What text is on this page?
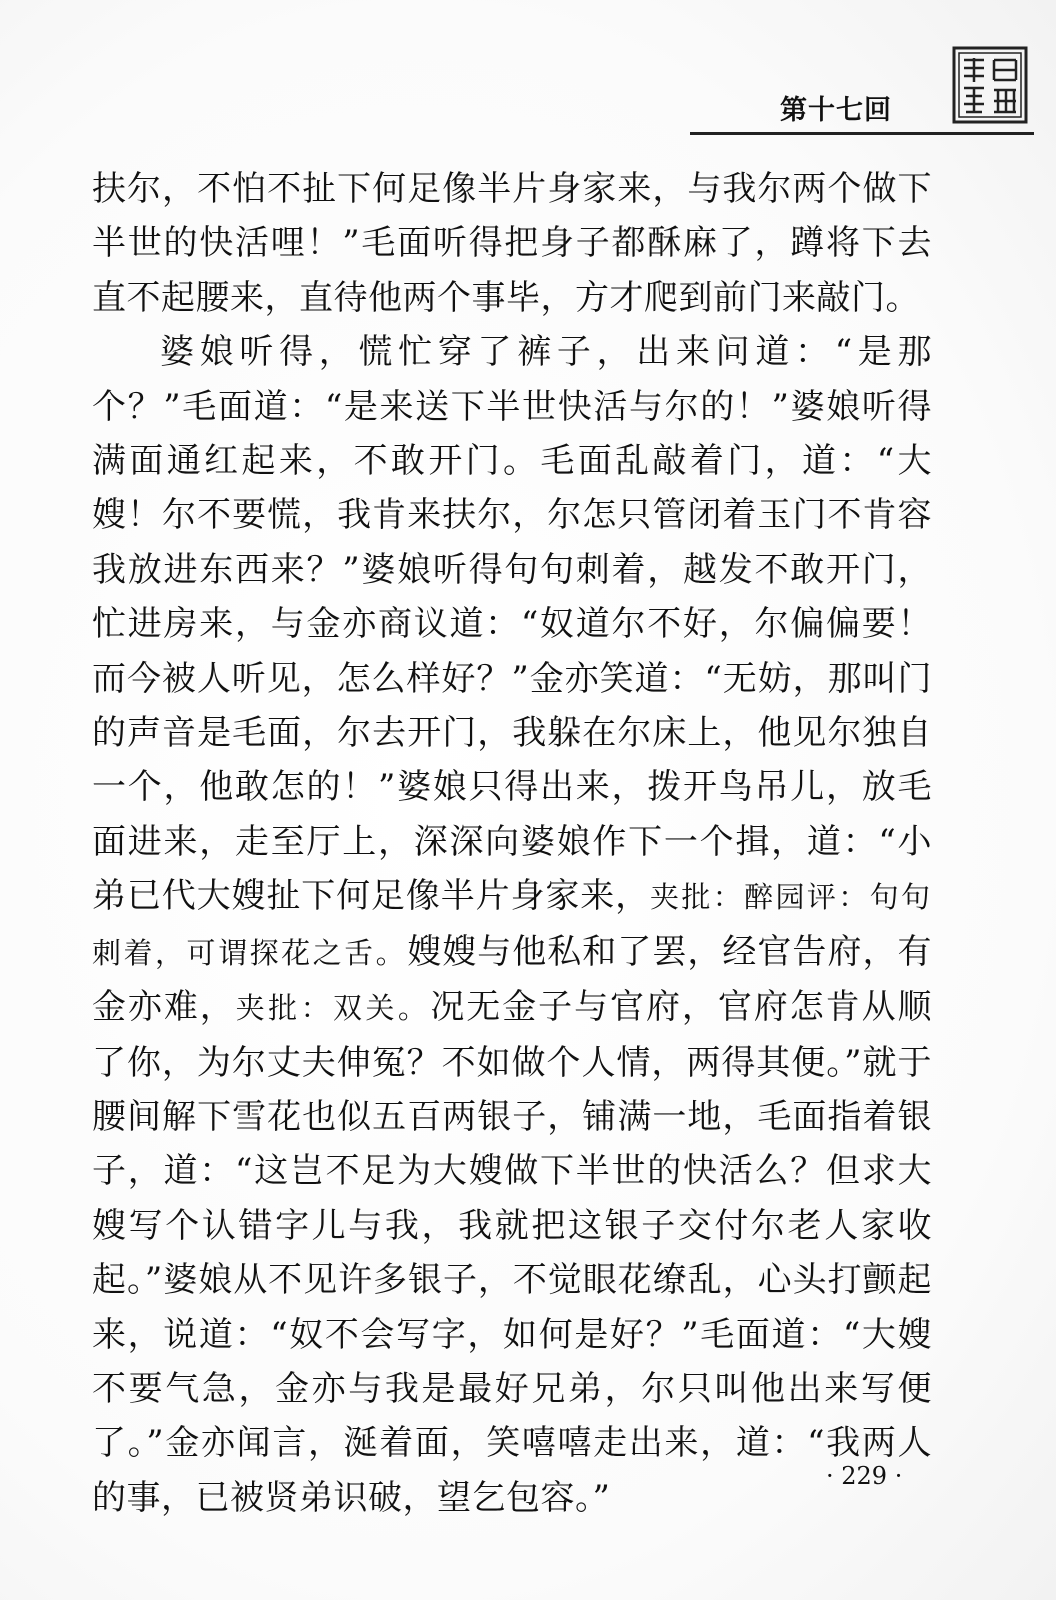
第十七回

扶尔，不怕不扯下何足像半片身家来，与我尔两个做下半世的快活哩！”毛面听得把身子都酥麻了，蹲将下去直不起腰来，直待他两个事毕，方才爬到前门来敲门。

婆娘听得，慌忙穿了裤子，出来问道：“是那个？”毛面道：“是来送下半世快活与尔的！”婆娘听得满面通红起来，不敢开门。毛面乱敲着门，道：“大嫂！尔不要慌，我肯来扶尔，尔怎只管闭着玉门不肯容我放进东西来？”婆娘听得句句刺着，越发不敢开门，忙进房来，与金亦商议道：“奴道尔不好，尔偏偏要！而今被人听见，怎么样好？”金亦笑道：“无妨，那叫门的声音是毛面，尔去开门，我躲在尔床上，他见尔独自一个，他敢怎的！”婆娘只得出来，拨开鸟吊儿，放毛面进来，走至厅上，深深向婆娘作下一个揖，道：“小弟已代大嫂扯下何足像半片身家来，夹批：醉园评：句句刺着，可谓探花之舌。嫂嫂与他私和了罢，经官告府，有金亦难，夹批：双关。况无金子与官府，官府怎肯从顺了你，为尔丈夫伸冤？不如做个人情，两得其便。”就于腰间解下雪花也似五百两银子，铺满一地，毛面指着银子，道：“这岂不足为大嫂做下半世的快活么？但求大嫂写个认错字儿与我，我就把这银子交付尔老人家收起。”婆娘从不见许多银子，不觉眼花缭乱，心头打颤起来，说道：“奴不会写字，如何是好？”毛面道：“大嫂不要气急，金亦与我是最好兄弟，尔只叫他出来写便了。”金亦闻言，涎着面，笑嘻嘻走出来，道：“我两人的事，已被贤弟识破，望乞包容。”

· 229 ·
